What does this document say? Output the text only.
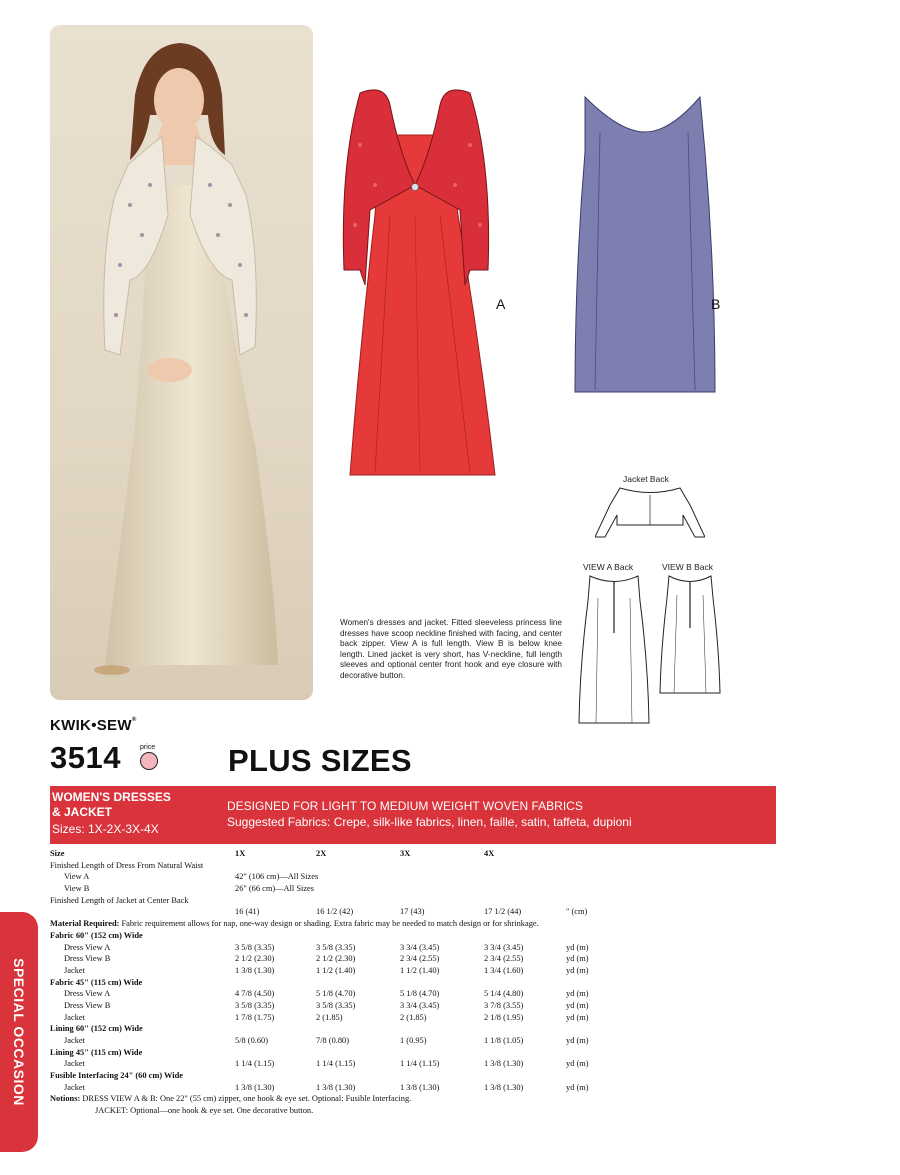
A	B
Jacket Back
VIEW A Back	VIEW B Back
Women's dresses and jacket. Fitted sleeveless princess line dresses have scoop neckline finished with facing, and center back zipper. View A is full length. View B is below knee length. Lined jacket is very short, has V-neckline, full length sleeves and optional center front hook and eye closure with decorative button.
KWIK•SEW®
3514	price PLUS SIZES
WOMEN'S DRESSES
& JACKET
Sizes: 1X-2X-3X-4X
DESIGNED FOR LIGHT TO MEDIUM WEIGHT WOVEN FABRICS
Suggested Fabrics: Crepe, silk-like fabrics, linen, faille, satin, taffeta, dupioni
Size	1X	2X	3X	4X
Finished Length of Dress From Natural Waist
View A	42" (106 cm)—All Sizes
View B	26" (66 cm)—All Sizes
Finished Length of Jacket at Center Back
16 (41)	16 1/2 (42)	17 (43)	17 1/2 (44)	" (cm)
Material Required: Fabric requirement allows for nap, one-way design or shading. Extra fabric may be needed to match design or for shrinkage.
Fabric 60" (152 cm) Wide
Dress View A	3 5/8 (3.35)	3 5/8 (3.35)	3 3/4 (3.45)	3 3/4 (3.45)	yd (m)
Dress View B	2 1/2 (2.30)	2 1/2 (2.30)	2 3/4 (2.55)	2 3/4 (2.55)	yd (m)
Jacket	1 3/8 (1.30)	1 1/2 (1.40)	1 1/2 (1.40)	1 3/4 (1.60)	yd (m)
Fabric 45" (115 cm) Wide
Dress View A	4 7/8 (4.50)	5 1/8 (4.70)	5 1/8 (4.70)	5 1/4 (4.80)	yd (m)
Dress View B	3 5/8 (3.35)	3 5/8 (3.35)	3 3/4 (3.45)	3 7/8 (3.55)	yd (m)
Jacket	1 7/8 (1.75)	2 (1.85)	2 (1.85)	2 1/8 (1.95)	yd (m)
Lining 60" (152 cm) Wide
Jacket	5/8 (0.60)	7/8 (0.80)	1 (0.95)	1 1/8 (1.05)	yd (m)
Lining 45" (115 cm) Wide
Jacket	1 1/4 (1.15)	1 1/4 (1.15)	1 1/4 (1.15)	1 3/8 (1.30)	yd (m)
Fusible Interfacing 24" (60 cm) Wide
Jacket	1 3/8 (1.30)	1 3/8 (1.30)	1 3/8 (1.30)	1 3/8 (1.30)	yd (m)
Notions: DRESS VIEW A & B: One 22" (55 cm) zipper, one hook & eye set. Optional: Fusible Interfacing.
JACKET: Optional—one hook & eye set. One decorative button.
SPECIAL OCCASION
